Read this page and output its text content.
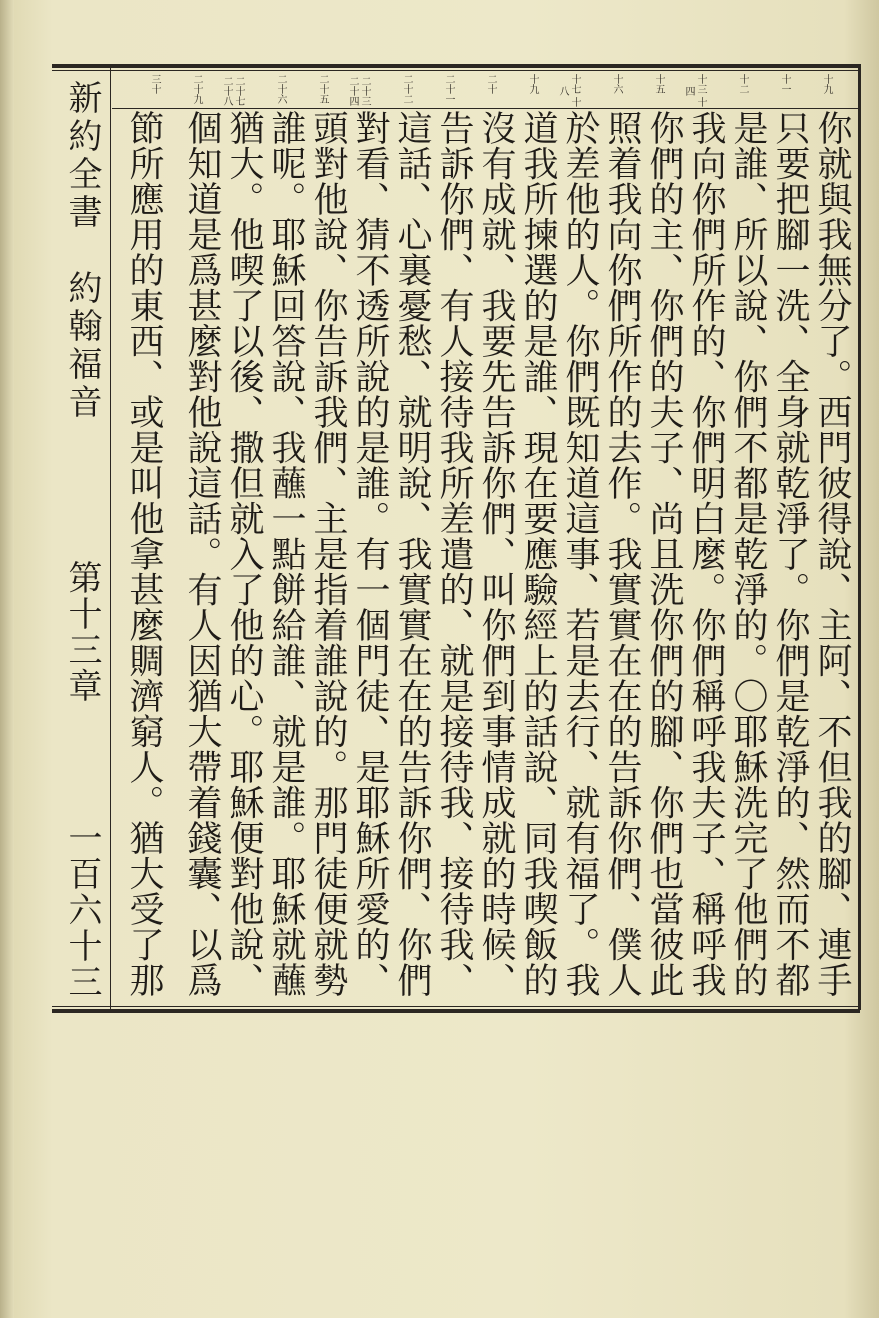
新約全書　約翰福音
第十三章
一百六十三
十九
十一
十二
十三 十四
十五
十六
十七 十八
十九
二十
二十一
二十二
二十三 二十四
二十五
二十六
二十七 二十八
二十九
三十
你就與我無分了。西門彼得說、主阿、不但我的腳、連手
只要把腳一洗、全身就乾淨了。你們是乾淨的、然而不都
是誰、所以說、你們不都是乾淨的。〇耶穌洗完了他們的
我向你們所作的、你們明白麼。你們稱呼我夫子、稱呼我
你們的主、你們的夫子、尚且洗你們的腳、你們也當彼此
照着我向你們所作的去作。我實實在在的告訴你們、僕人
於差他的人。你們既知道這事、若是去行、就有福了。我
道我所揀選的是誰、現在要應驗經上的話說、同我喫飯的
沒有成就、我要先告訴你們、叫你們到事情成就的時候、
告訴你們、有人接待我所差遣的、就是接待我、接待我、
這話、心裏憂愁、就明說、我實實在在的告訴你們、你們
對看、猜不透所說的是誰。有一個門徒、是耶穌所愛的、
頭對他說、你告訴我們、主是指着誰說的。那門徒便就勢
誰呢。耶穌回答說、我蘸一點餅給誰、就是誰。耶穌就蘸
猶大。他喫了以後、撒但就入了他的心。耶穌便對他說、
個知道是爲甚麼對他說這話。有人因猶大帶着錢囊、以爲
節所應用的東西、或是叫他拿甚麼賙濟窮人。猶大受了那
